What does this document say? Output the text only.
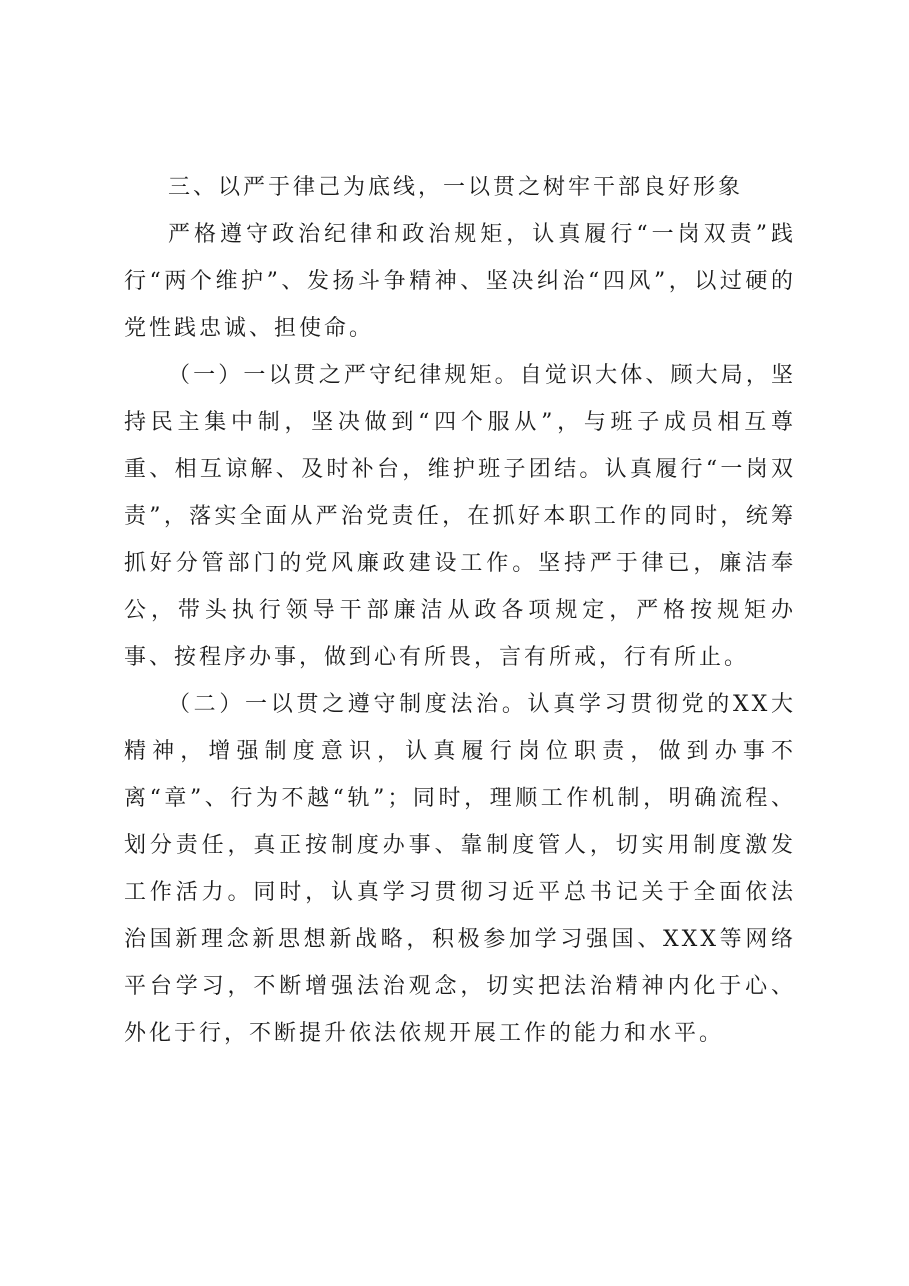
三、以严于律己为底线，一以贯之树牢干部良好形象

严格遵守政治纪律和政治规矩，认真履行“一岗双责”践行“两个维护”、发扬斗争精神、坚决纠治“四风”，以过硬的党性践忠诚、担使命。

（一）一以贯之严守纪律规矩。自觉识大体、顾大局，坚持民主集中制，坚决做到“四个服从”，与班子成员相互尊重、相互谅解、及时补台，维护班子团结。认真履行“一岗双责”，落实全面从严治党责任，在抓好本职工作的同时，统筹抓好分管部门的党风廉政建设工作。坚持严于律已，廉洁奉公，带头执行领导干部廉洁从政各项规定，严格按规矩办事、按程序办事，做到心有所畏，言有所戒，行有所止。

（二）一以贯之遵守制度法治。认真学习贯彻党的XX大精神，增强制度意识，认真履行岗位职责，做到办事不离“章”、行为不越“轨”；同时，理顺工作机制，明确流程、划分责任，真正按制度办事、靠制度管人，切实用制度激发工作活力。同时，认真学习贯彻习近平总书记关于全面依法治国新理念新思想新战略，积极参加学习强国、XXX等网络平台学习，不断增强法治观念，切实把法治精神内化于心、外化于行，不断提升依法依规开展工作的能力和水平。
